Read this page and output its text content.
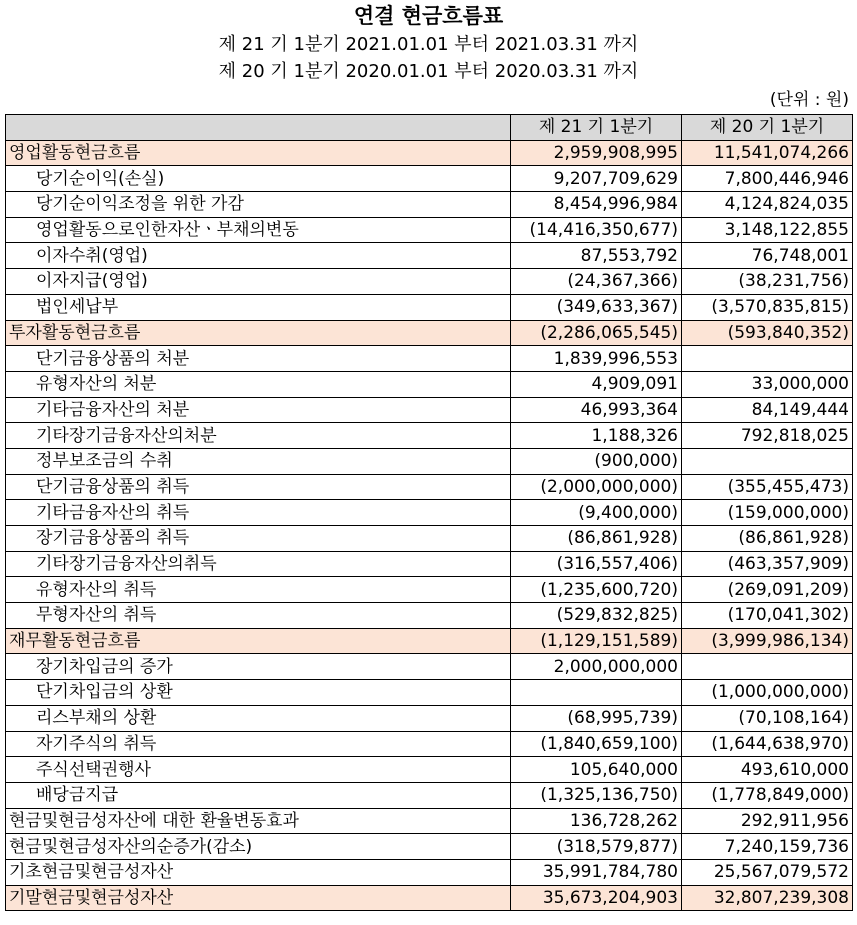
연결 현금흐름표
제 21 기 1분기 2021.01.01 부터 2021.03.31 까지
제 20 기 1분기 2020.01.01 부터 2020.03.31 까지
(단위 : 원)
	제 21 기 1분기	제 20 기 1분기
영업활동현금흐름	2,959,908,995	11,541,074,266
당기순이익(손실)	9,207,709,629	7,800,446,946
당기순이익조정을 위한 가감	8,454,996,984	4,124,824,035
영업활동으로인한자산ㆍ부채의변동	(14,416,350,677)	3,148,122,855
이자수취(영업)	87,553,792	76,748,001
이자지급(영업)	(24,367,366)	(38,231,756)
법인세납부	(349,633,367)	(3,570,835,815)
투자활동현금흐름	(2,286,065,545)	(593,840,352)
단기금융상품의 처분	1,839,996,553	
유형자산의 처분	4,909,091	33,000,000
기타금융자산의 처분	46,993,364	84,149,444
기타장기금융자산의처분	1,188,326	792,818,025
정부보조금의 수취	(900,000)	
단기금융상품의 취득	(2,000,000,000)	(355,455,473)
기타금융자산의 취득	(9,400,000)	(159,000,000)
장기금융상품의 취득	(86,861,928)	(86,861,928)
기타장기금융자산의취득	(316,557,406)	(463,357,909)
유형자산의 취득	(1,235,600,720)	(269,091,209)
무형자산의 취득	(529,832,825)	(170,041,302)
재무활동현금흐름	(1,129,151,589)	(3,999,986,134)
장기차입금의 증가	2,000,000,000	
단기차입금의 상환		(1,000,000,000)
리스부채의 상환	(68,995,739)	(70,108,164)
자기주식의 취득	(1,840,659,100)	(1,644,638,970)
주식선택권행사	105,640,000	493,610,000
배당금지급	(1,325,136,750)	(1,778,849,000)
현금및현금성자산에 대한 환율변동효과	136,728,262	292,911,956
현금및현금성자산의순증가(감소)	(318,579,877)	7,240,159,736
기초현금및현금성자산	35,991,784,780	25,567,079,572
기말현금및현금성자산	35,673,204,903	32,807,239,308
